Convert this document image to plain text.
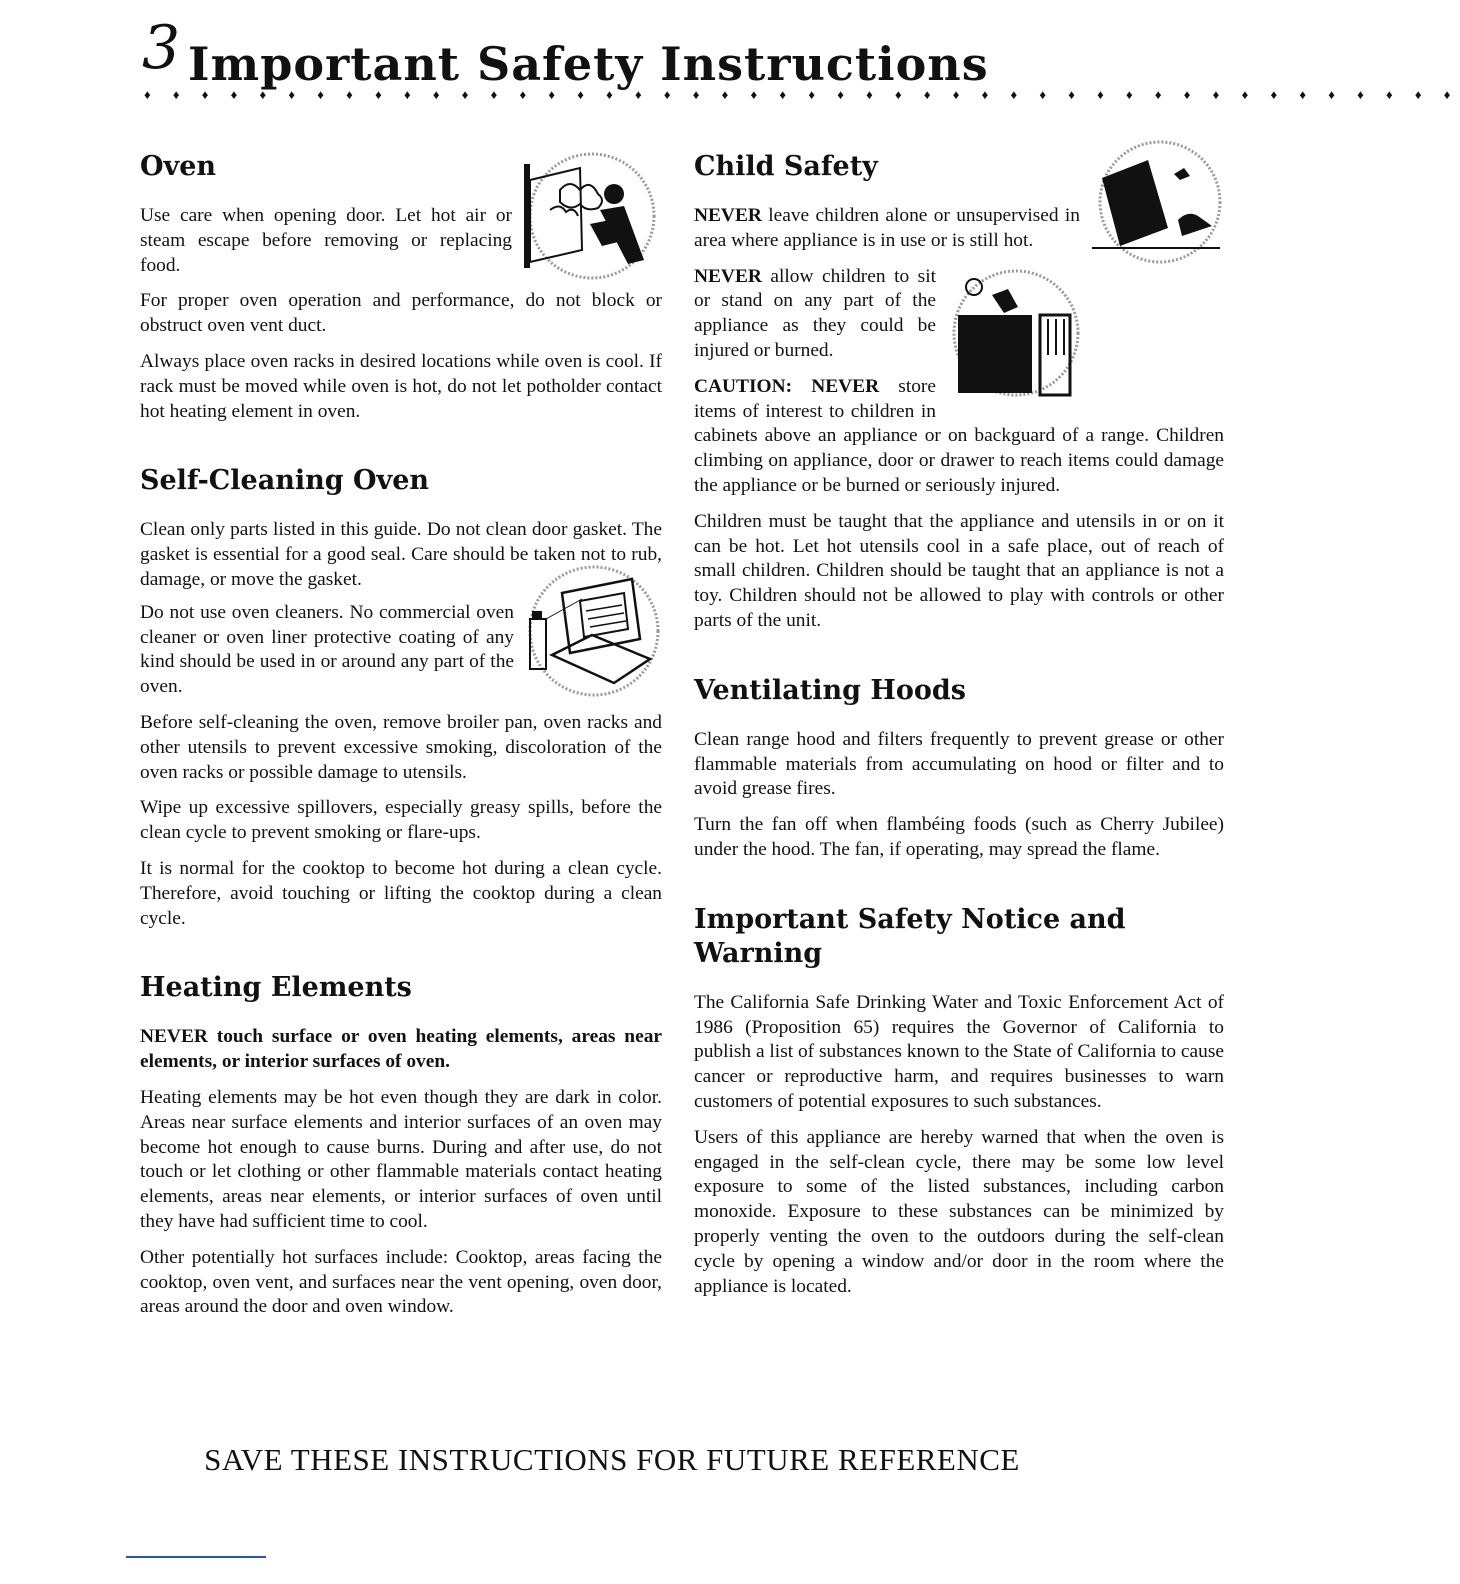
3 Important Safety Instructions
♦ ♦ ♦ ♦ ♦ ♦ ♦ ♦ ♦ ♦ ♦ ♦ ♦ ♦ ♦ ♦ ♦ ♦ ♦ ♦ ♦ ♦ ♦ ♦ ♦ ♦ ♦ ♦ ♦ ♦ ♦ ♦ ♦ ♦ ♦ ♦ ♦ ♦ ♦ ♦ ♦ ♦ ♦ ♦ ♦ ♦
Oven

Use care when opening door. Let hot air or steam escape before removing or replacing food.

For proper oven operation and performance, do not block or obstruct oven vent duct.

Always place oven racks in desired locations while oven is cool. If rack must be moved while oven is hot, do not let potholder contact hot heating element in oven.

Self-Cleaning Oven

Clean only parts listed in this guide. Do not clean door gasket. The gasket is essential for a good seal. Care should be taken not to rub, damage, or move the gasket.

Do not use oven cleaners. No commercial oven cleaner or oven liner protective coating of any kind should be used in or around any part of the oven.

Before self-cleaning the oven, remove broiler pan, oven racks and other utensils to prevent excessive smoking, discoloration of the oven racks or possible damage to utensils.

Wipe up excessive spillovers, especially greasy spills, before the clean cycle to prevent smoking or flare-ups.

It is normal for the cooktop to become hot during a clean cycle. Therefore, avoid touching or lifting the cooktop during a clean cycle.

Heating Elements

NEVER touch surface or oven heating elements, areas near elements, or interior surfaces of oven.

Heating elements may be hot even though they are dark in color. Areas near surface elements and interior surfaces of an oven may become hot enough to cause burns. During and after use, do not touch or let clothing or other flammable materials contact heating elements, areas near elements, or interior surfaces of oven until they have had sufficient time to cool.

Other potentially hot surfaces include: Cooktop, areas facing the cooktop, oven vent, and surfaces near the vent opening, oven door, areas around the door and oven window.

Child Safety

NEVER leave children alone or unsupervised in area where appliance is in use or is still hot.

NEVER allow children to sit or stand on any part of the appliance as they could be injured or burned.

CAUTION: NEVER store items of interest to children in cabinets above an appliance or on backguard of a range. Children climbing on appliance, door or drawer to reach items could damage the appliance or be burned or seriously injured.

Children must be taught that the appliance and utensils in or on it can be hot. Let hot utensils cool in a safe place, out of reach of small children. Children should be taught that an appliance is not a toy. Children should not be allowed to play with controls or other parts of the unit.

Ventilating Hoods

Clean range hood and filters frequently to prevent grease or other flammable materials from accumulating on hood or filter and to avoid grease fires.

Turn the fan off when flambéing foods (such as Cherry Jubilee) under the hood. The fan, if operating, may spread the flame.

Important Safety Notice and Warning

The California Safe Drinking Water and Toxic Enforcement Act of 1986 (Proposition 65) requires the Governor of California to publish a list of substances known to the State of California to cause cancer or reproductive harm, and requires businesses to warn customers of potential exposures to such substances.

Users of this appliance are hereby warned that when the oven is engaged in the self-clean cycle, there may be some low level exposure to some of the listed substances, including carbon monoxide. Exposure to these substances can be minimized by properly venting the oven to the outdoors during the self-clean cycle by opening a window and/or door in the room where the appliance is located.

SAVE THESE INSTRUCTIONS FOR FUTURE REFERENCE
